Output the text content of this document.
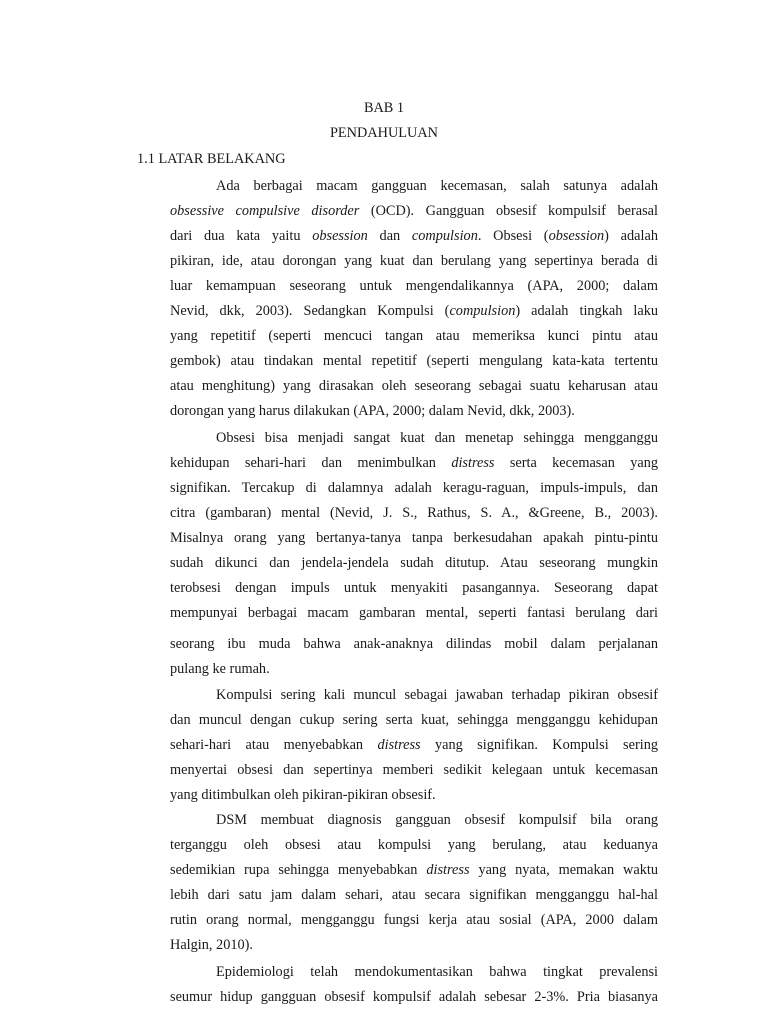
BAB 1
PENDAHULUAN
1.1 LATAR BELAKANG
Ada berbagai macam gangguan kecemasan, salah satunya adalah
obsessive compulsive disorder (OCD). Gangguan obsesif kompulsif berasal
dari dua kata yaitu obsession dan compulsion. Obsesi (obsession) adalah
pikiran, ide, atau dorongan yang kuat dan berulang yang sepertinya berada di
luar kemampuan seseorang untuk mengendalikannya (APA, 2000; dalam
Nevid, dkk, 2003). Sedangkan Kompulsi (compulsion) adalah tingkah laku
yang repetitif (seperti mencuci tangan atau memeriksa kunci pintu atau
gembok) atau tindakan mental repetitif (seperti mengulang kata-kata tertentu
atau menghitung) yang dirasakan oleh seseorang sebagai suatu keharusan atau
dorongan yang harus dilakukan (APA, 2000; dalam Nevid, dkk, 2003).
Obsesi bisa menjadi sangat kuat dan menetap sehingga mengganggu
kehidupan sehari-hari dan menimbulkan distress serta kecemasan yang
signifikan. Tercakup di dalamnya adalah keragu-raguan, impuls-impuls, dan
citra (gambaran) mental (Nevid, J. S., Rathus, S. A., &Greene, B., 2003).
Misalnya orang yang bertanya-tanya tanpa berkesudahan apakah pintu-pintu
sudah dikunci dan jendela-jendela sudah ditutup. Atau seseorang mungkin
terobsesi dengan impuls untuk menyakiti pasangannya. Seseorang dapat
mempunyai berbagai macam gambaran mental, seperti fantasi berulang dari
seorang ibu muda bahwa anak-anaknya dilindas mobil dalam perjalanan
pulang ke rumah.
Kompulsi sering kali muncul sebagai jawaban terhadap pikiran obsesif
dan muncul dengan cukup sering serta kuat, sehingga mengganggu kehidupan
sehari-hari atau menyebabkan distress yang signifikan. Kompulsi sering
menyertai obsesi dan sepertinya memberi sedikit kelegaan untuk kecemasan
yang ditimbulkan oleh pikiran-pikiran obsesif.
DSM membuat diagnosis gangguan obsesif kompulsif bila orang
terganggu oleh obsesi atau kompulsi yang berulang, atau keduanya
sedemikian rupa sehingga menyebabkan distress yang nyata, memakan waktu
lebih dari satu jam dalam sehari, atau secara signifikan mengganggu hal-hal
rutin orang normal, mengganggu fungsi kerja atau sosial (APA, 2000 dalam
Halgin, 2010).
Epidemiologi telah mendokumentasikan bahwa tingkat prevalensi
seumur hidup gangguan obsesif kompulsif adalah sebesar 2-3%. Pria biasanya
